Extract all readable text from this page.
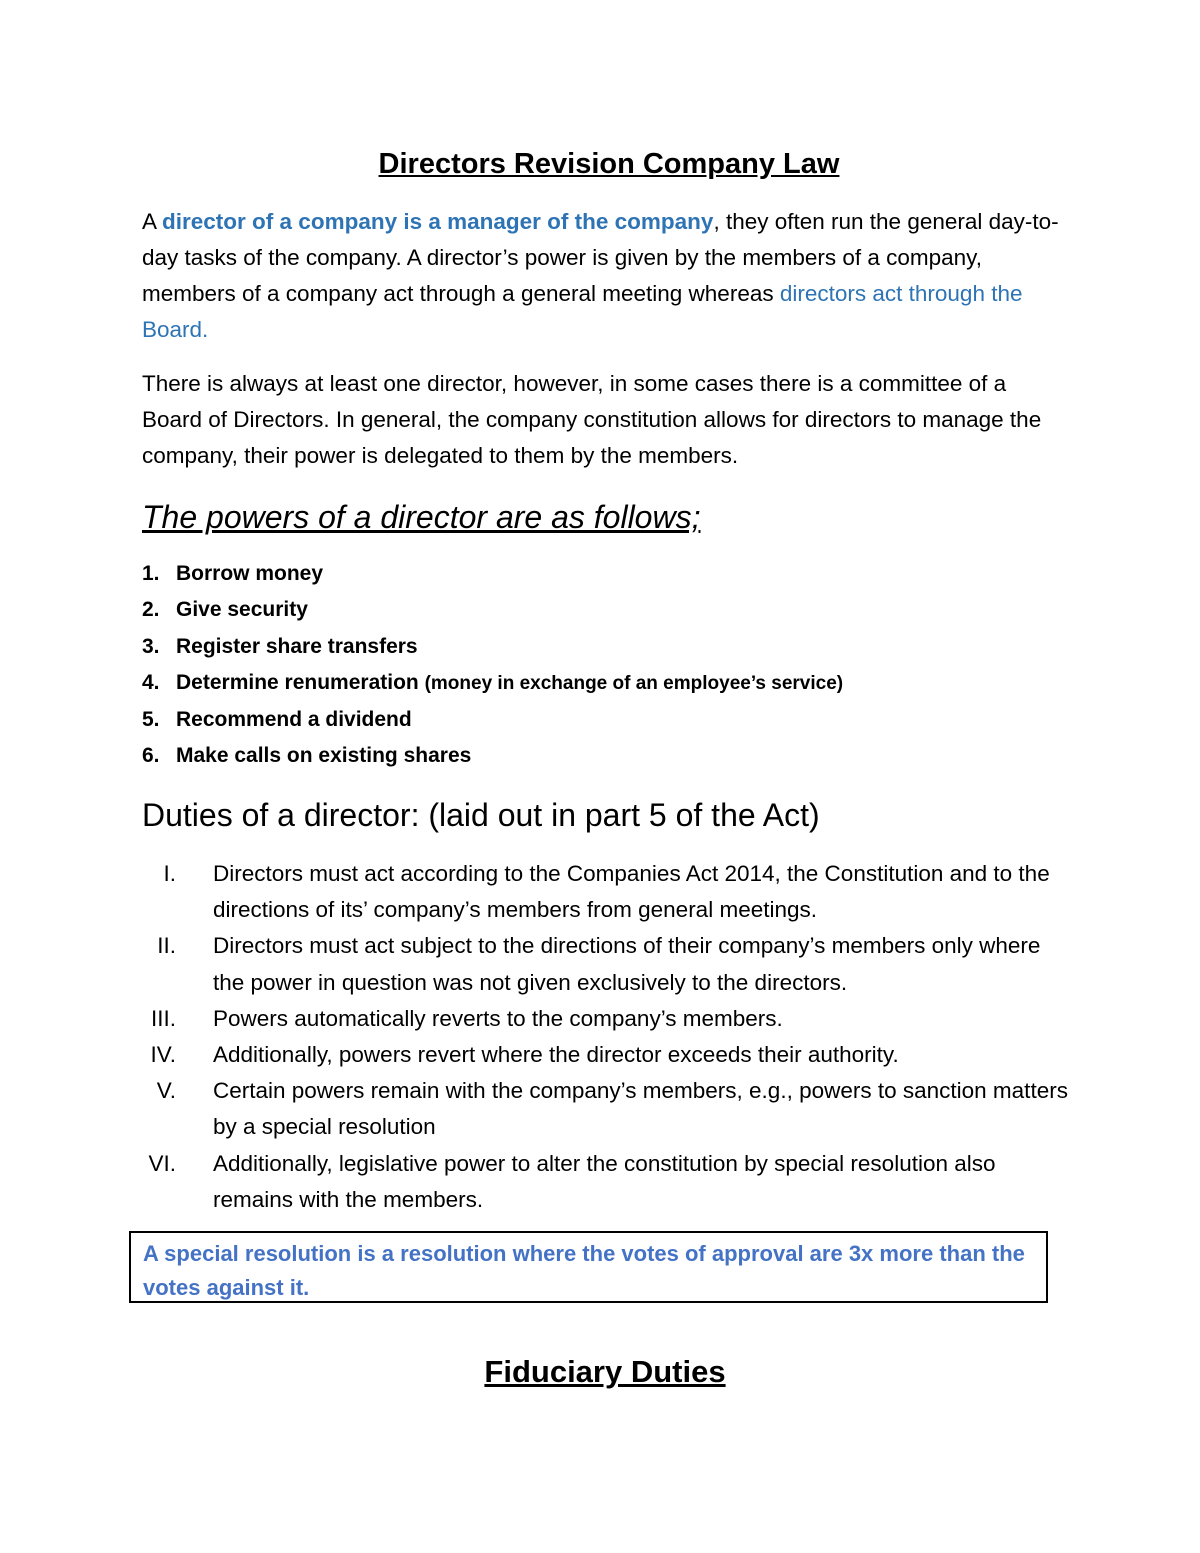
Directors Revision Company Law

A director of a company is a manager of the company, they often run the general day-to-day tasks of the company. A director’s power is given by the members of a company, members of a company act through a general meeting whereas directors act through the Board.

There is always at least one director, however, in some cases there is a committee of a Board of Directors. In general, the company constitution allows for directors to manage the company, their power is delegated to them by the members.

The powers of a director are as follows;
1. Borrow money
2. Give security
3. Register share transfers
4. Determine renumeration (money in exchange of an employee’s service)
5. Recommend a dividend
6. Make calls on existing shares
Duties of a director: (laid out in part 5 of the Act)
I. Directors must act according to the Companies Act 2014, the Constitution and to the directions of its’ company’s members from general meetings.
II. Directors must act subject to the directions of their company’s members only where the power in question was not given exclusively to the directors.
III. Powers automatically reverts to the company’s members.
IV. Additionally, powers revert where the director exceeds their authority.
V. Certain powers remain with the company’s members, e.g., powers to sanction matters by a special resolution
VI. Additionally, legislative power to alter the constitution by special resolution also remains with the members.
A special resolution is a resolution where the votes of approval are 3x more than the votes against it.
Fiduciary Duties
